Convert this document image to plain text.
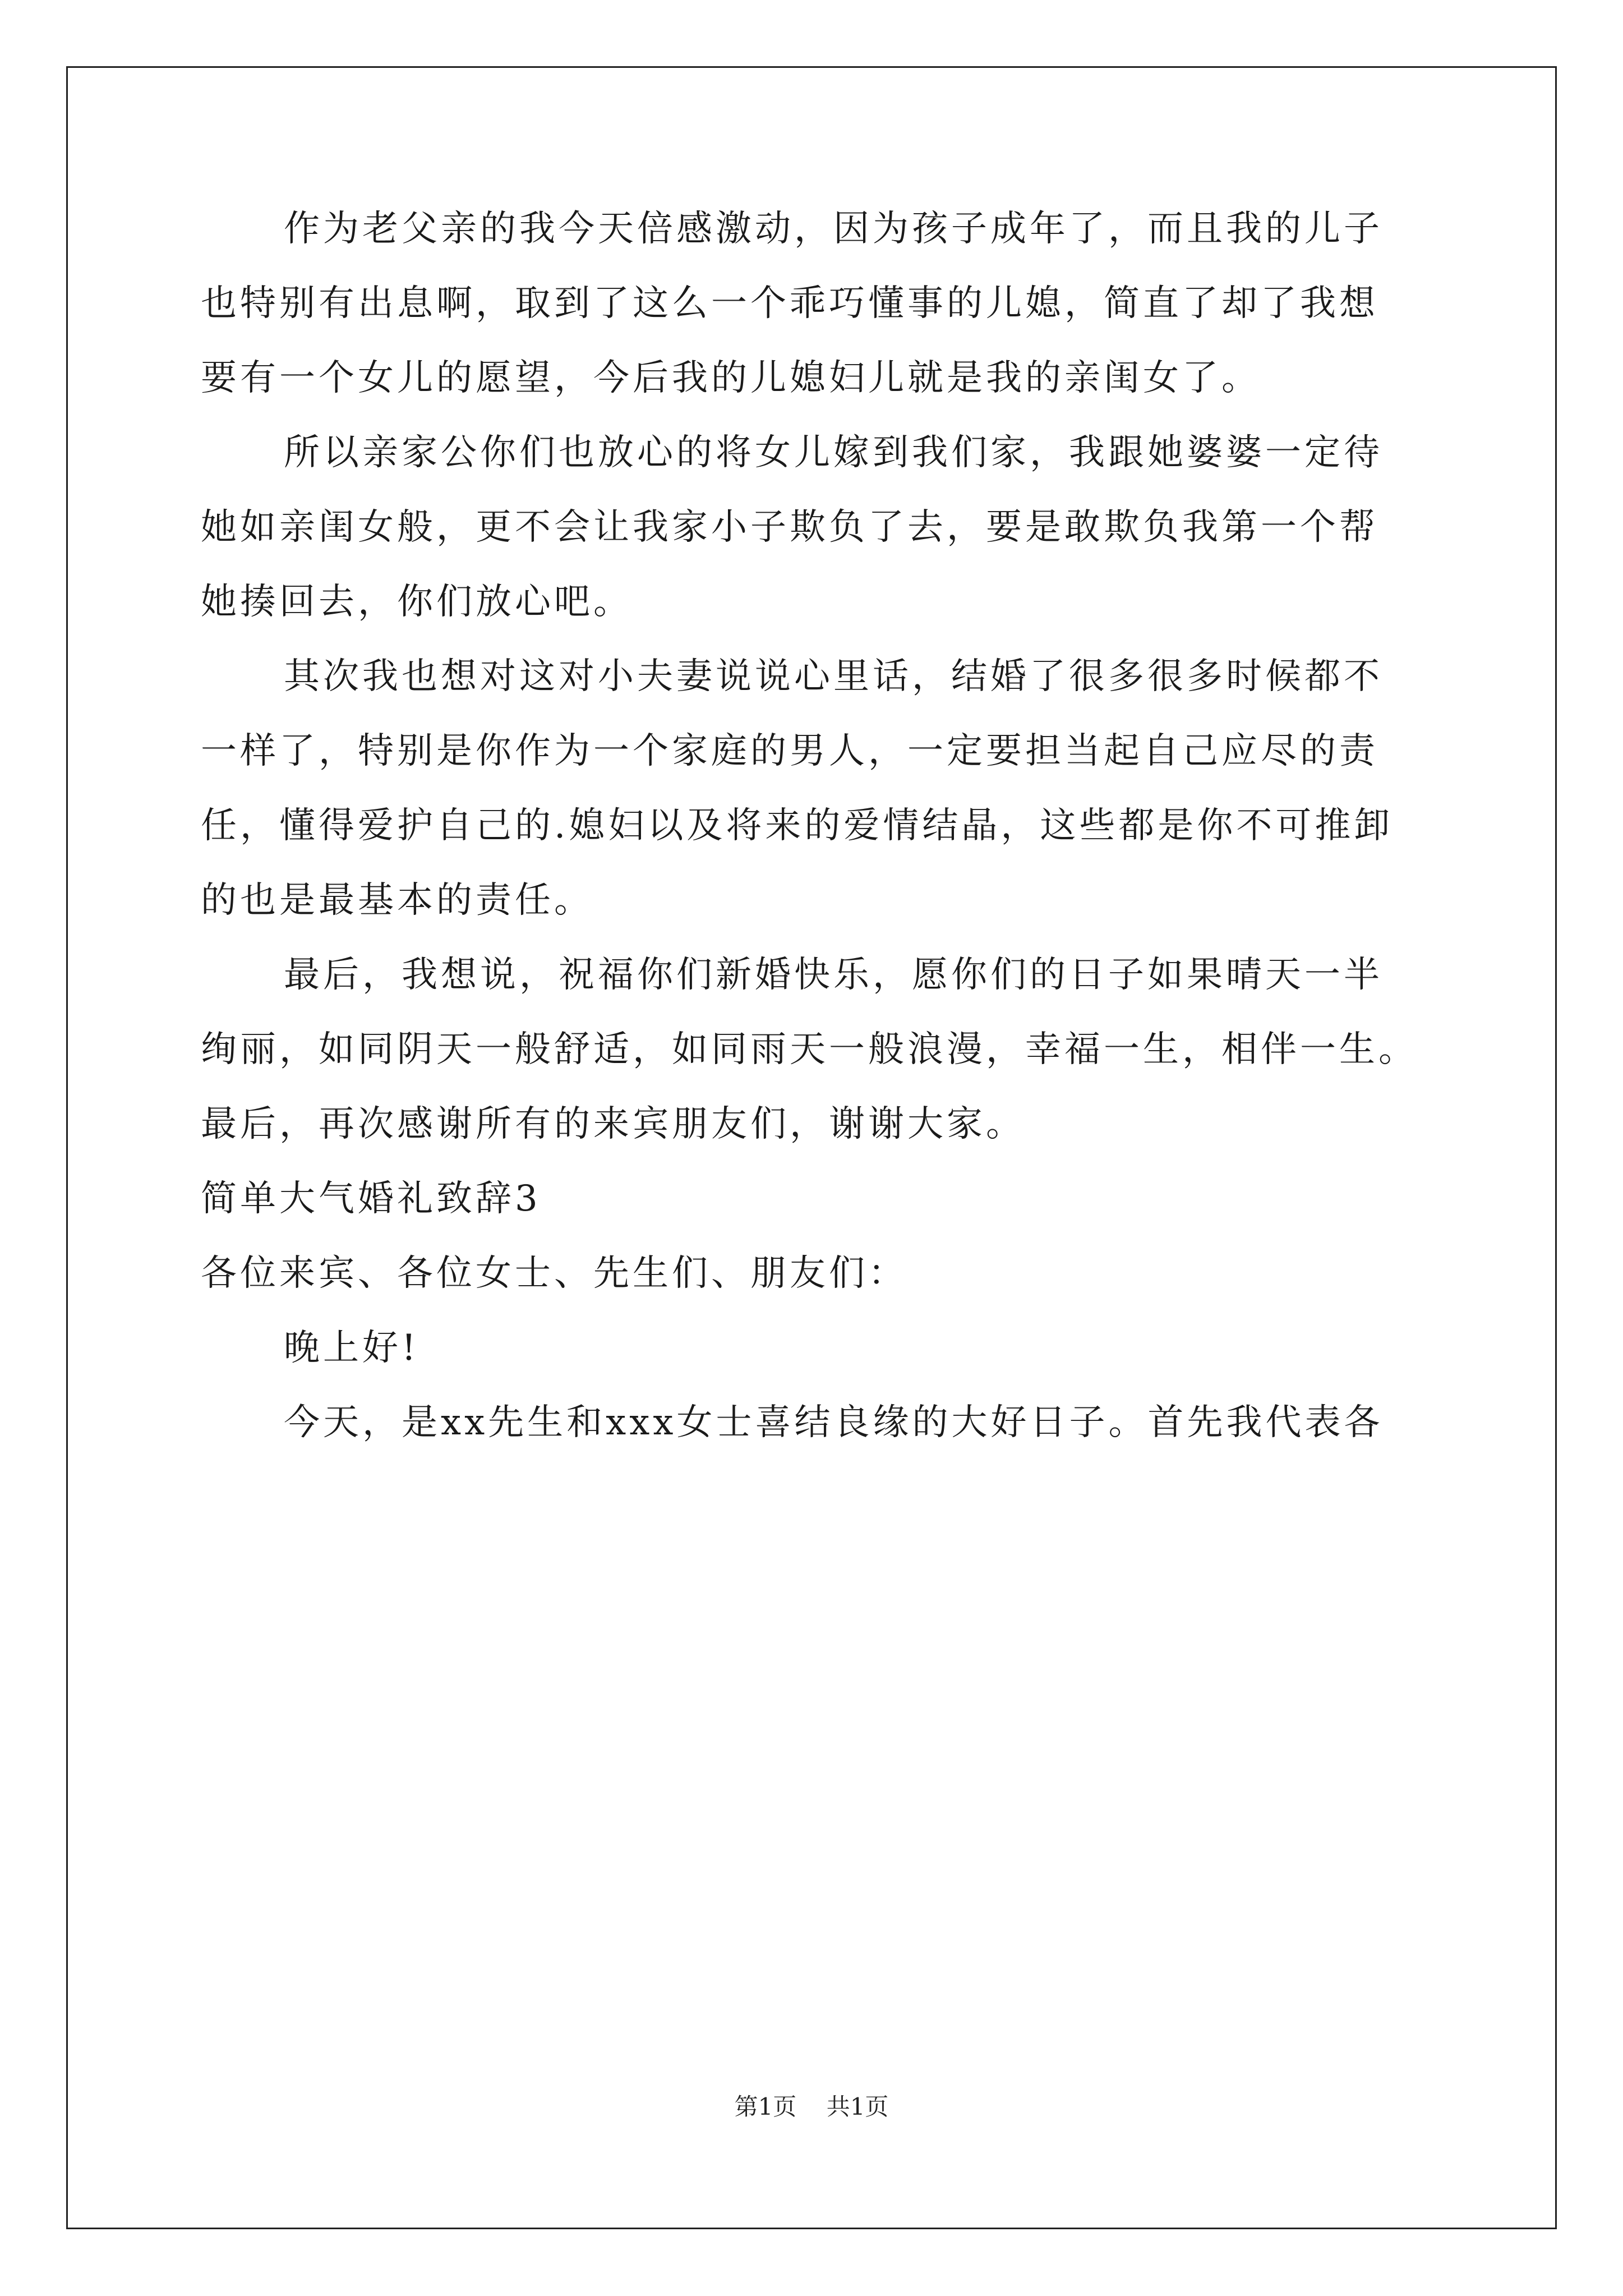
作为老父亲的我今天倍感激动，因为孩子成年了，而且我的儿子
也特别有出息啊，取到了这么一个乖巧懂事的儿媳，简直了却了我想
要有一个女儿的愿望，今后我的儿媳妇儿就是我的亲闺女了。
所以亲家公你们也放心的将女儿嫁到我们家，我跟她婆婆一定待
她如亲闺女般，更不会让我家小子欺负了去，要是敢欺负我第一个帮
她揍回去，你们放心吧。
其次我也想对这对小夫妻说说心里话，结婚了很多很多时候都不
一样了，特别是你作为一个家庭的男人，一定要担当起自己应尽的责
任，懂得爱护自己的.媳妇以及将来的爱情结晶，这些都是你不可推卸
的也是最基本的责任。
最后，我想说，祝福你们新婚快乐，愿你们的日子如果晴天一半
绚丽，如同阴天一般舒适，如同雨天一般浪漫，幸福一生，相伴一生。
最后，再次感谢所有的来宾朋友们，谢谢大家。
简单大气婚礼致辞3
各位来宾、各位女士、先生们、朋友们：
晚上好!
今天，是xx先生和xxx女士喜结良缘的大好日子。首先我代表各
第1页 共1页
